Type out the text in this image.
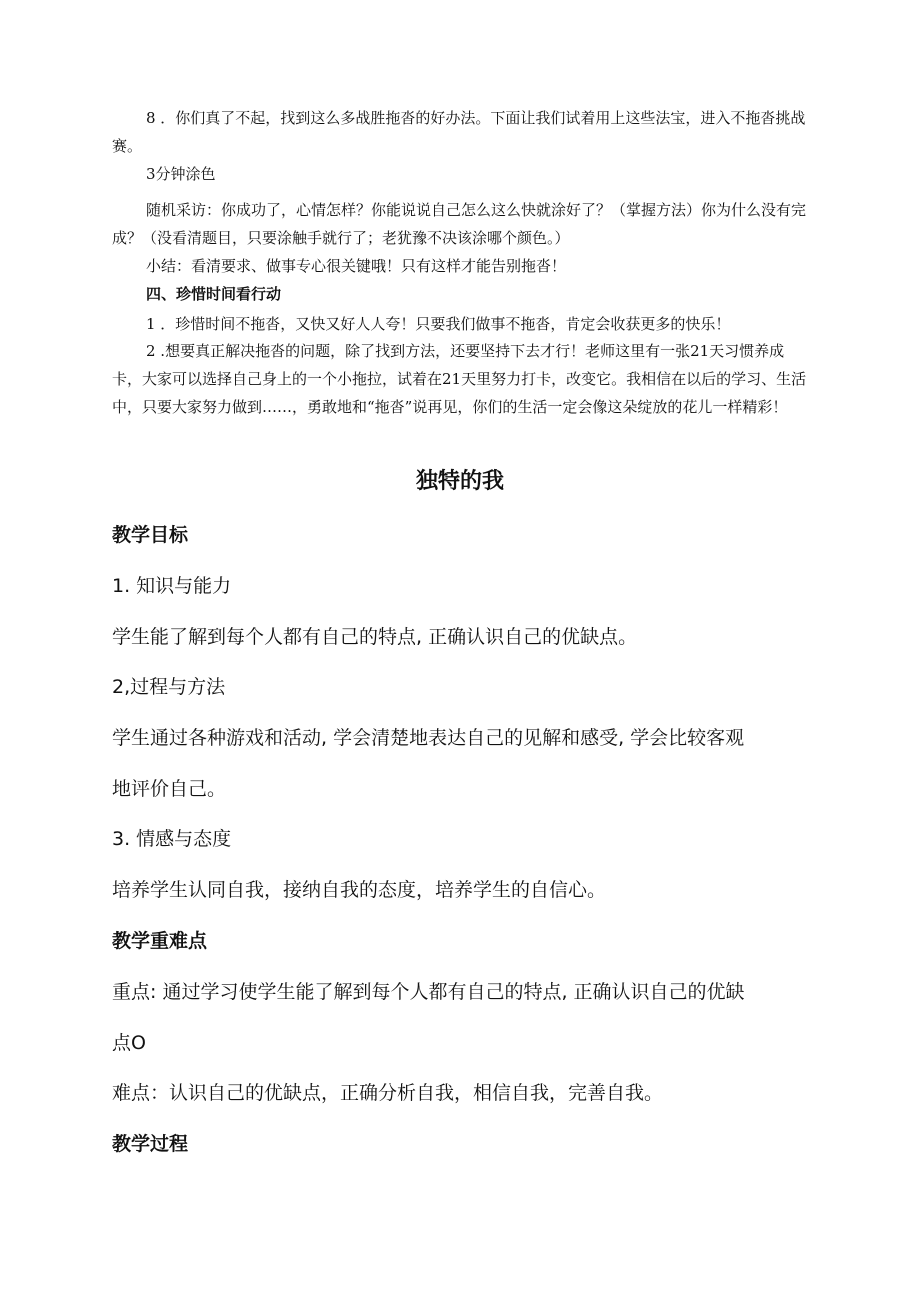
8 ．你们真了不起，找到这么多战胜拖沓的好办法。下面让我们试着用上这些法宝，进入不拖沓挑战赛。

3分钟涂色

随机采访：你成功了，心情怎样？你能说说自己怎么这么快就涂好了？（掌握方法）你为什么没有完成？（没看清题目，只要涂触手就行了；老犹豫不决该涂哪个颜色。）

小结：看清要求、做事专心很关键哦！只有这样才能告别拖沓！

四、珍惜时间看行动

1 ．珍惜时间不拖沓，又快又好人人夸！只要我们做事不拖沓，肯定会收获更多的快乐！

2 .想要真正解决拖沓的问题，除了找到方法，还要坚持下去才行！老师这里有一张21天习惯养成卡，大家可以选择自己身上的一个小拖拉，试着在21天里努力打卡，改变它。我相信在以后的学习、生活中，只要大家努力做到……，勇敢地和“拖沓”说再见，你们的生活一定会像这朵绽放的花儿一样精彩！

独特的我

教学目标

1. 知识与能力

学生能了解到每个人都有自己的特点, 正确认识自己的优缺点。

2,过程与方法

学生通过各种游戏和活动, 学会清楚地表达自己的见解和感受, 学会比较客观

地评价自己。

3. 情感与态度

培养学生认同自我，接纳自我的态度，培养学生的自信心。

教学重难点

重点: 通过学习使学生能了解到每个人都有自己的特点, 正确认识自己的优缺

点O

难点：认识自己的优缺点，正确分析自我，相信自我，完善自我。

教学过程
